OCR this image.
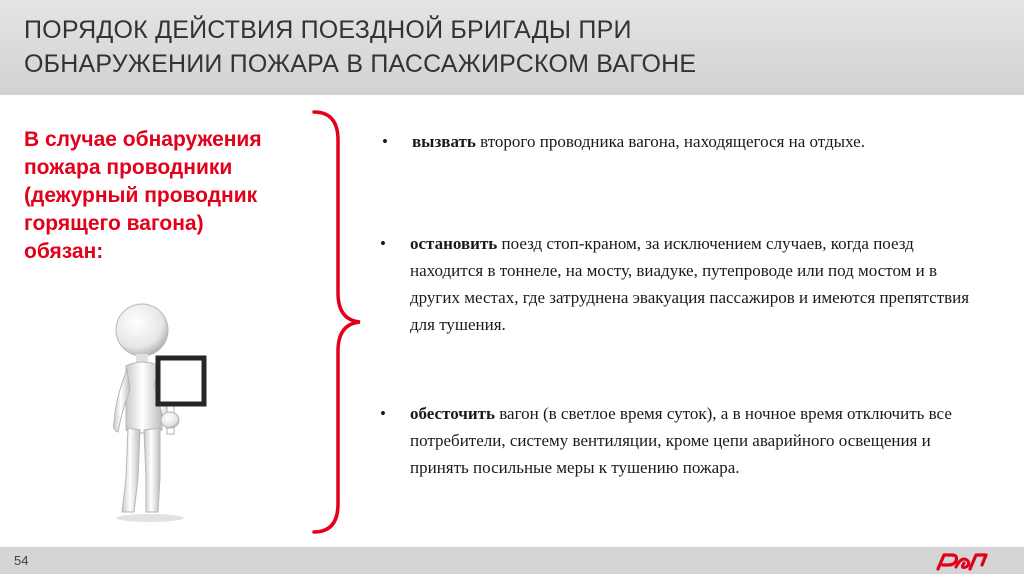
ПОРЯДОК ДЕЙСТВИЯ ПОЕЗДНОЙ БРИГАДЫ ПРИ
ОБНАРУЖЕНИИ ПОЖАРА В ПАССАЖИРСКОМ ВАГОНЕ

В случае обнаружения
пожара проводники
(дежурный проводник
горящего вагона)
обязан:

• вызвать второго проводника вагона, находящегося на отдыхе.
• остановить поезд стоп-краном, за исключением случаев, когда поезд находится в тоннеле, на мосту, виадуке, путепроводе или под мостом и в других местах, где затруднена эвакуация пассажиров и имеются препятствия для тушения.
• обесточить вагон (в светлое время суток), а в ночное время отключить все потребители, систему вентиляции, кроме цепи аварийного освещения и принять посильные меры к тушению пожара.
54
